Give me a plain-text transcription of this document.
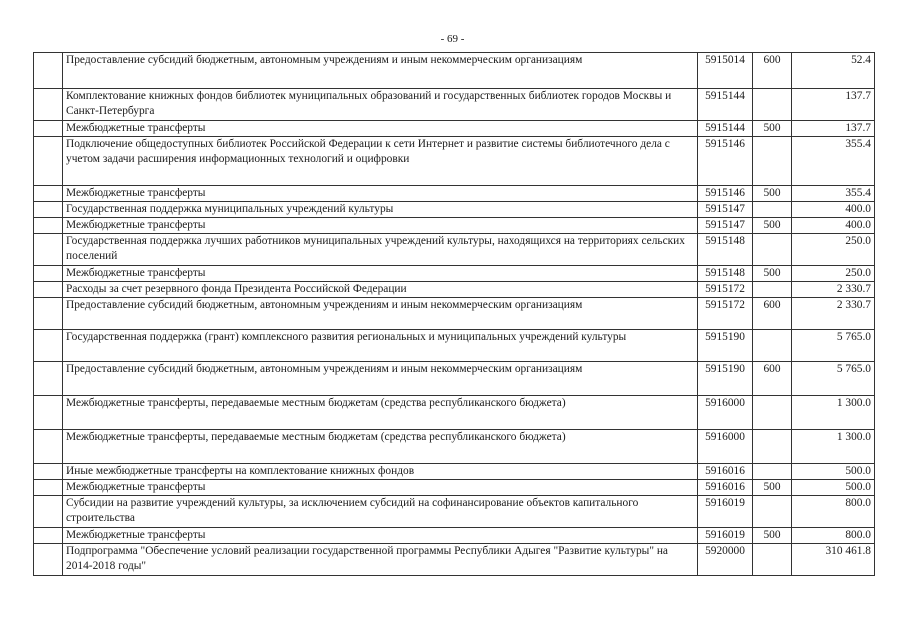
- 69 -
	Предоставление субсидий бюджетным, автономным учреждениям и иным некоммерческим организациям	5915014	600	52.4
	Комплектование книжных фондов библиотек муниципальных образований и государственных библиотек городов Москвы и Санкт-Петербурга	5915144		137.7
	Межбюджетные трансферты	5915144	500	137.7
	Подключение общедоступных библиотек Российской Федерации к сети Интернет и развитие системы библиотечного дела с учетом задачи расширения информационных технологий и оцифровки	5915146		355.4
	Межбюджетные трансферты	5915146	500	355.4
	Государственная поддержка муниципальных учреждений культуры	5915147		400.0
	Межбюджетные трансферты	5915147	500	400.0
	Государственная поддержка лучших работников муниципальных учреждений культуры, находящихся на территориях сельских поселений	5915148		250.0
	Межбюджетные трансферты	5915148	500	250.0
	Расходы за счет резервного фонда Президента Российской Федерации	5915172		2 330.7
	Предоставление субсидий бюджетным, автономным учреждениям и иным некоммерческим организациям	5915172	600	2 330.7
	Государственная поддержка (грант) комплексного развития региональных и муниципальных учреждений культуры	5915190		5 765.0
	Предоставление субсидий бюджетным, автономным учреждениям и иным некоммерческим организациям	5915190	600	5 765.0
	Межбюджетные трансферты, передаваемые местным бюджетам (средства республиканского бюджета)	5916000		1 300.0
	Межбюджетные трансферты, передаваемые местным бюджетам (средства республиканского бюджета)	5916000		1 300.0
	Иные межбюджетные трансферты на комплектование книжных фондов	5916016		500.0
	Межбюджетные трансферты	5916016	500	500.0
	Субсидии на развитие учреждений культуры, за исключением субсидий на софинансирование объектов капитального строительства	5916019		800.0
	Межбюджетные трансферты	5916019	500	800.0
	Подпрограмма "Обеспечение условий реализации государственной программы Республики Адыгея "Развитие культуры" на 2014-2018 годы"	5920000		310 461.8
